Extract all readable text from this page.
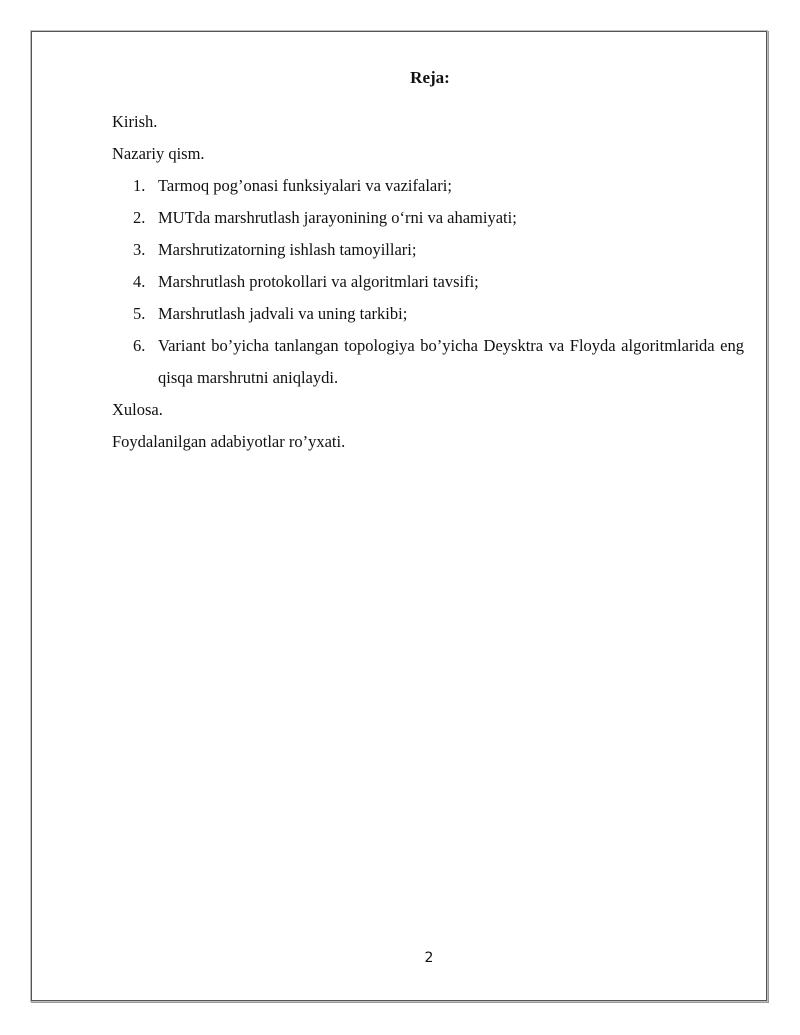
Reja:

Kirish.

Nazariy qism.

1. Tarmoq pog’onasi funksiyalari va vazifalari;
2. MUTda marshrutlash jarayonining o‘rni va ahamiyati;
3. Marshrutizatorning ishlash tamoyillari;
4. Marshrutlash protokollari va algoritmlari tavsifi;
5. Marshrutlash jadvali va uning tarkibi;
6. Variant bo’yicha tanlangan topologiya bo’yicha Deysktra va Floyda algoritmlarida eng qisqa marshrutni aniqlaydi.

Xulosa.

Foydalanilgan adabiyotlar ro’yxati.

2
